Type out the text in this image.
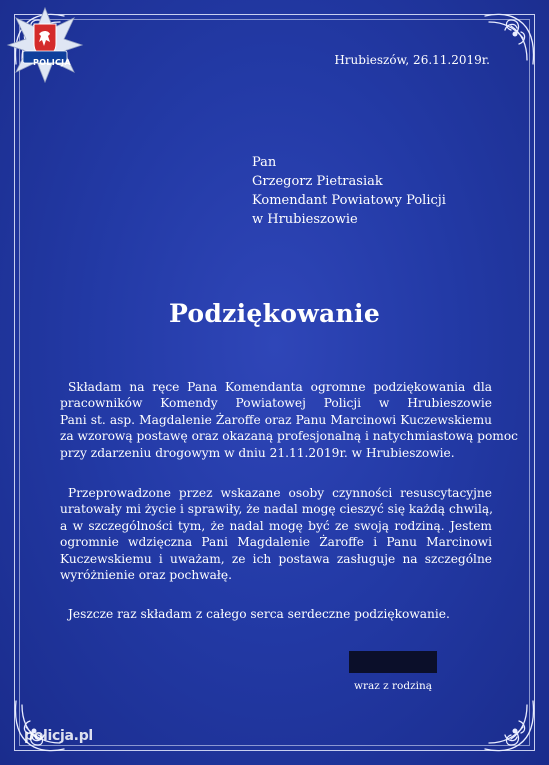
POLICJA	Hrubieszów, 26.11.2019r.
Pan
Grzegorz Pietrasiak
Komendant Powiatowy Policji
w Hrubieszowie
Podziękowanie
Składam na ręce Pana Komendanta ogromne podziękowania dla
pracowników Komendy Powiatowej Policji w Hrubieszowie
Pani st. asp. Magdalenie Żaroffe oraz Panu Marcinowi Kuczewskiemu
za wzorową postawę oraz okazaną profesjonalną i natychmiastową pomoc
przy zdarzeniu drogowym w dniu 21.11.2019r. w Hrubieszowie.
Przeprowadzone przez wskazane osoby czynności resuscytacyjne
uratowały mi życie i sprawiły, że nadal mogę cieszyć się każdą chwilą,
a w szczególności tym, że nadal mogę być ze swoją rodziną. Jestem
ogromnie wdzięczna Pani Magdalenie Żaroffe i Panu Marcinowi
Kuczewskiemu i uważam, ze ich postawa zasługuje na szczególne
wyróżnienie oraz pochwałę.
Jeszcze raz składam z całego serca serdeczne podziękowanie.
wraz z rodziną
policja.pl
